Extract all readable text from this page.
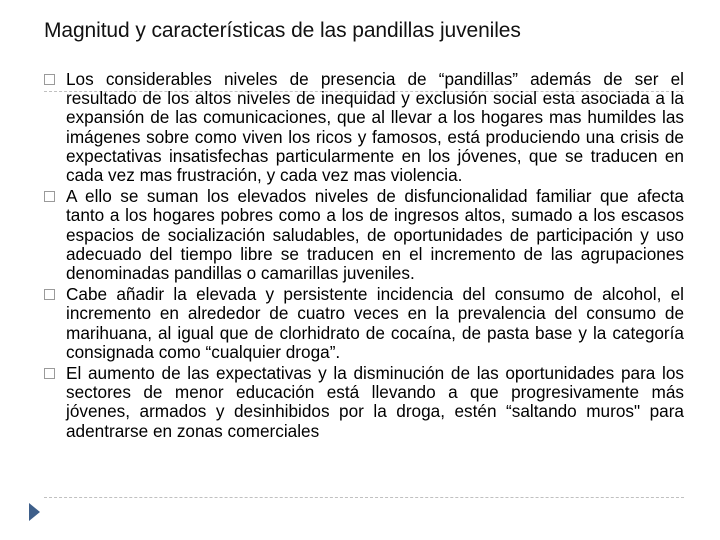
Magnitud y características de las pandillas juveniles
Los considerables niveles de presencia de “pandillas” además de ser el resultado de los altos niveles de inequidad y exclusión social esta asociada a la expansión de las comunicaciones, que al llevar a los hogares mas humildes las imágenes sobre como viven los ricos y famosos, está produciendo una crisis de expectativas insatisfechas particularmente en los jóvenes, que se traducen en cada vez mas frustración, y cada vez mas violencia.
A ello se suman los elevados niveles de disfuncionalidad familiar que afecta tanto a los hogares pobres como a los de ingresos altos, sumado a los escasos espacios de socialización saludables, de oportunidades de participación y uso adecuado del tiempo libre se traducen en el incremento de las agrupaciones denominadas pandillas o camarillas juveniles.
Cabe añadir la elevada y persistente incidencia del consumo de alcohol, el incremento en alrededor de cuatro veces en la prevalencia del consumo de marihuana, al igual que de clorhidrato de cocaína, de pasta base y la categoría consignada como “cualquier droga”.
El aumento de las expectativas y la disminución de las oportunidades para los sectores de menor educación está llevando a que progresivamente más jóvenes, armados y desinhibidos por la droga, estén “saltando muros" para adentrarse en zonas comerciales
